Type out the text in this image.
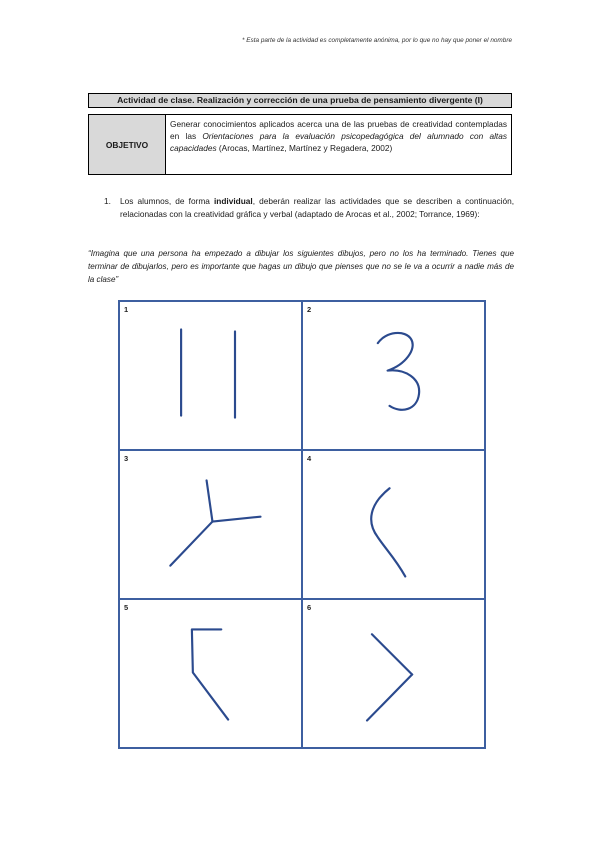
* Esta parte de la actividad es completamente anónima, por lo que no hay que poner el nombre
Actividad de clase. Realización y corrección de una prueba de pensamiento divergente (I)
OBJETIVO
Generar conocimientos aplicados acerca una de las pruebas de creatividad contempladas en las Orientaciones para la evaluación psicopedagógica del alumnado con altas capacidades (Arocas, Martínez, Martínez y Regadera, 2002)
1.	Los alumnos, de forma individual, deberán realizar las actividades que se describen a continuación, relacionadas con la creatividad gráfica y verbal (adaptado de Arocas et al., 2002; Torrance, 1969):
“Imagina que una persona ha empezado a dibujar los siguientes dibujos, pero no los ha terminado. Tienes que terminar de dibujarlos, pero es importante que hagas un dibujo que pienses que no se le va a ocurrir a nadie más de la clase”
1	2
3	4
5	6
